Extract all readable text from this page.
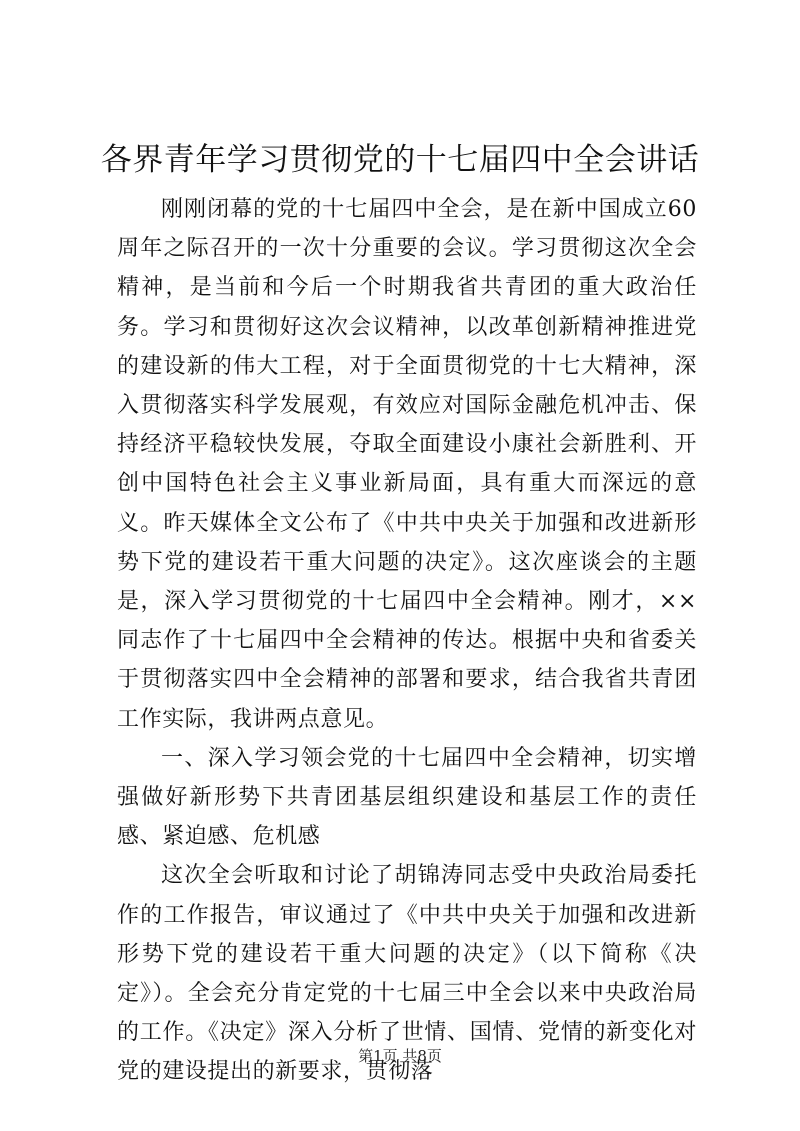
各界青年学习贯彻党的十七届四中全会讲话

刚刚闭幕的党的十七届四中全会，是在新中国成立60周年之际召开的一次十分重要的会议。学习贯彻这次全会精神，是当前和今后一个时期我省共青团的重大政治任务。学习和贯彻好这次会议精神，以改革创新精神推进党的建设新的伟大工程，对于全面贯彻党的十七大精神，深入贯彻落实科学发展观，有效应对国际金融危机冲击、保持经济平稳较快发展，夺取全面建设小康社会新胜利、开创中国特色社会主义事业新局面，具有重大而深远的意义。昨天媒体全文公布了《中共中央关于加强和改进新形势下党的建设若干重大问题的决定》。这次座谈会的主题是，深入学习贯彻党的十七届四中全会精神。刚才，××同志作了十七届四中全会精神的传达。根据中央和省委关于贯彻落实四中全会精神的部署和要求，结合我省共青团工作实际，我讲两点意见。

一、深入学习领会党的十七届四中全会精神，切实增强做好新形势下共青团基层组织建设和基层工作的责任感、紧迫感、危机感

这次全会听取和讨论了胡锦涛同志受中央政治局委托作的工作报告，审议通过了《中共中央关于加强和改进新形势下党的建设若干重大问题的决定》（以下简称《决定》）。全会充分肯定党的十七届三中全会以来中央政治局的工作。《决定》深入分析了世情、国情、党情的新变化对党的建设提出的新要求，贯彻落

第1页 共8页
